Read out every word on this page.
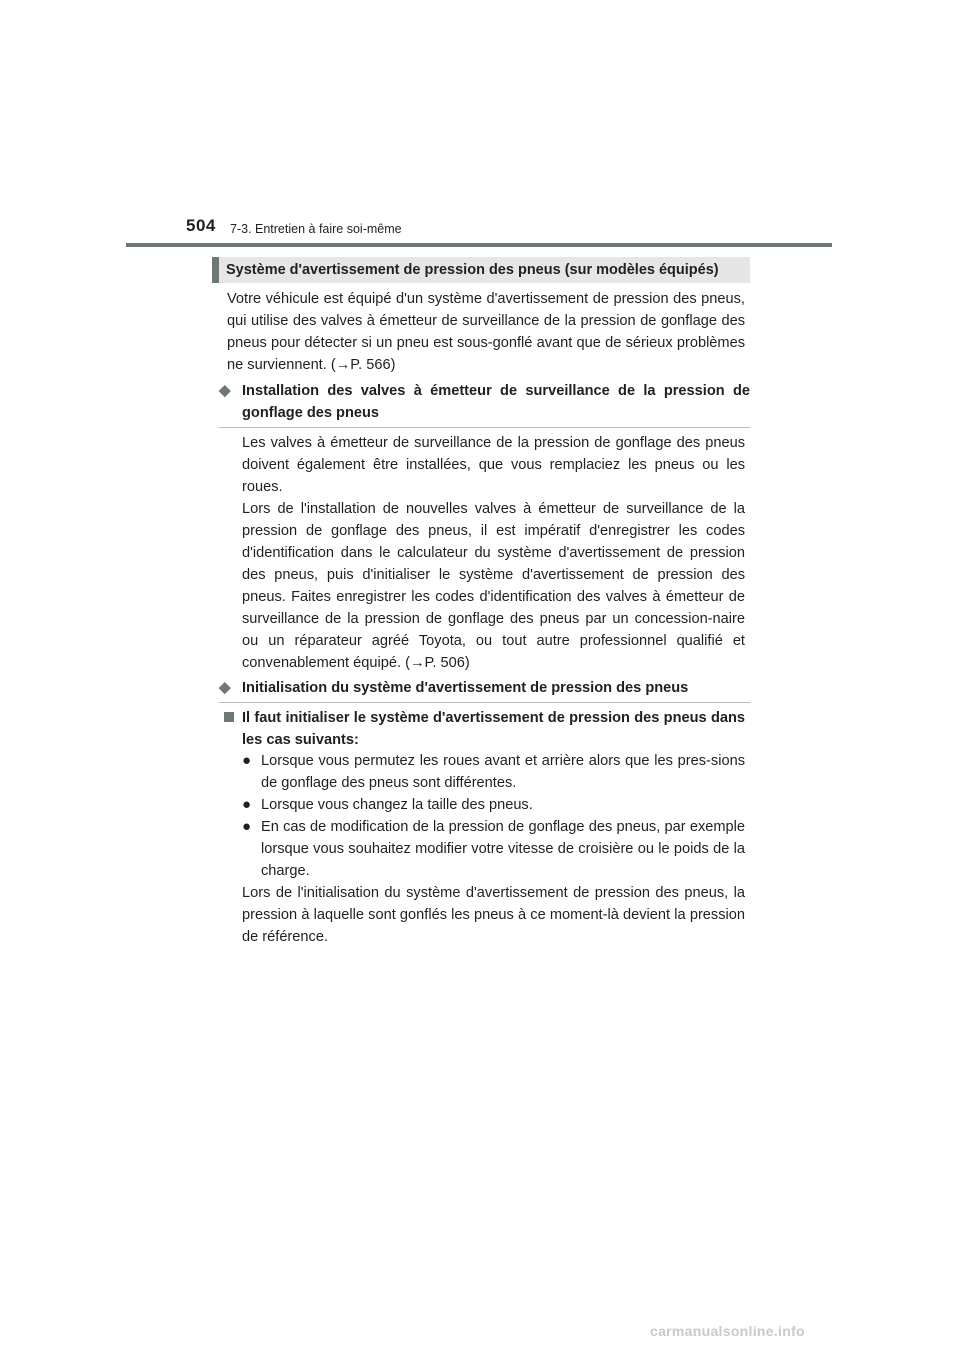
504 7-3. Entretien à faire soi-même
Système d'avertissement de pression des pneus (sur modèles équipés)

Votre véhicule est équipé d'un système d'avertissement de pression des pneus, qui utilise des valves à émetteur de surveillance de la pression de gonflage des pneus pour détecter si un pneu est sous-gonflé avant que de sérieux problèmes ne surviennent. (→P. 566)

◆ Installation des valves à émetteur de surveillance de la pression de gonflage des pneus

Les valves à émetteur de surveillance de la pression de gonflage des pneus doivent également être installées, que vous remplaciez les pneus ou les roues.

Lors de l'installation de nouvelles valves à émetteur de surveillance de la pression de gonflage des pneus, il est impératif d'enregistrer les codes d'identification dans le calculateur du système d'avertissement de pression des pneus, puis d'initialiser le système d'avertissement de pression des pneus. Faites enregistrer les codes d'identification des valves à émetteur de surveillance de la pression de gonflage des pneus par un concession-naire ou un réparateur agréé Toyota, ou tout autre professionnel qualifié et convenablement équipé. (→P. 506)

◆ Initialisation du système d'avertissement de pression des pneus
Il faut initialiser le système d'avertissement de pression des pneus dans les cas suivants:
● Lorsque vous permutez les roues avant et arrière alors que les pres-sions de gonflage des pneus sont différentes.
● Lorsque vous changez la taille des pneus.
● En cas de modification de la pression de gonflage des pneus, par exemple lorsque vous souhaitez modifier votre vitesse de croisière ou le poids de la charge.

Lors de l'initialisation du système d'avertissement de pression des pneus, la pression à laquelle sont gonflés les pneus à ce moment-là devient la pression de référence.

carmanualsonline.info
